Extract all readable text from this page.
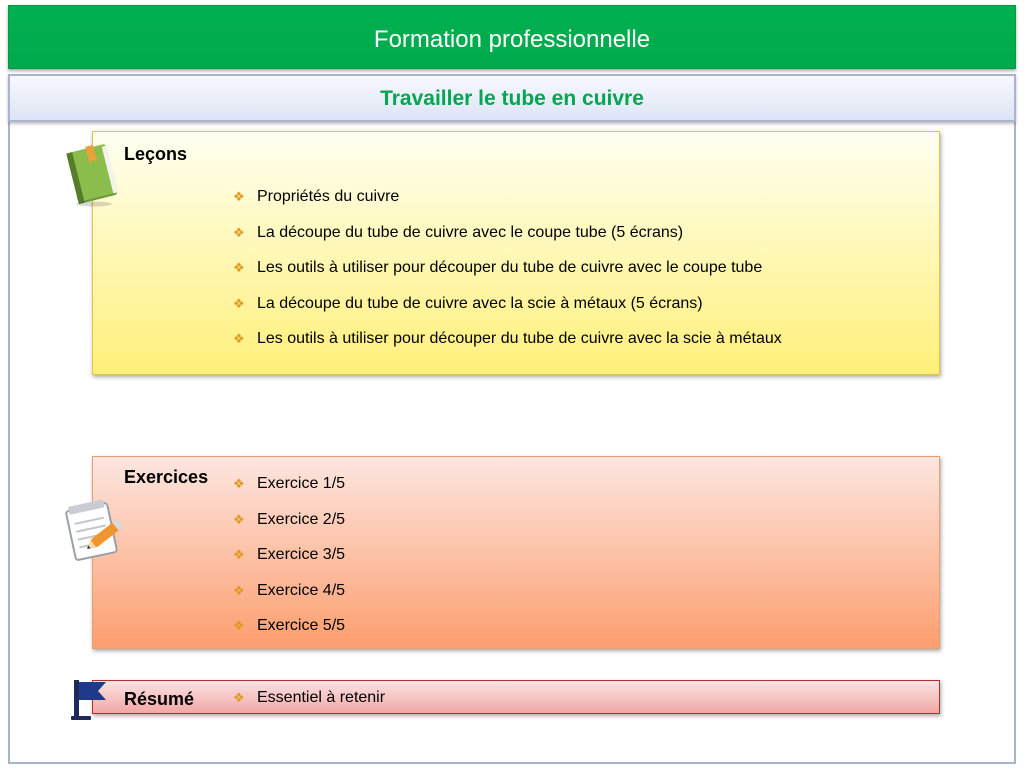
Formation professionnelle
Travailler le tube en cuivre
Leçons
❖ Propriétés du cuivre
❖ La découpe du tube de cuivre avec le coupe tube (5 écrans)
❖ Les outils à utiliser pour découper du tube de cuivre avec le coupe tube
❖ La découpe du tube de cuivre avec la scie à métaux (5 écrans)
❖ Les outils à utiliser pour découper du tube de cuivre avec la scie à métaux
Exercices ❖ Exercice 1/5
❖ Exercice 2/5
❖ Exercice 3/5
❖ Exercice 4/5
❖ Exercice 5/5
Résumé	❖ Essentiel à retenir
